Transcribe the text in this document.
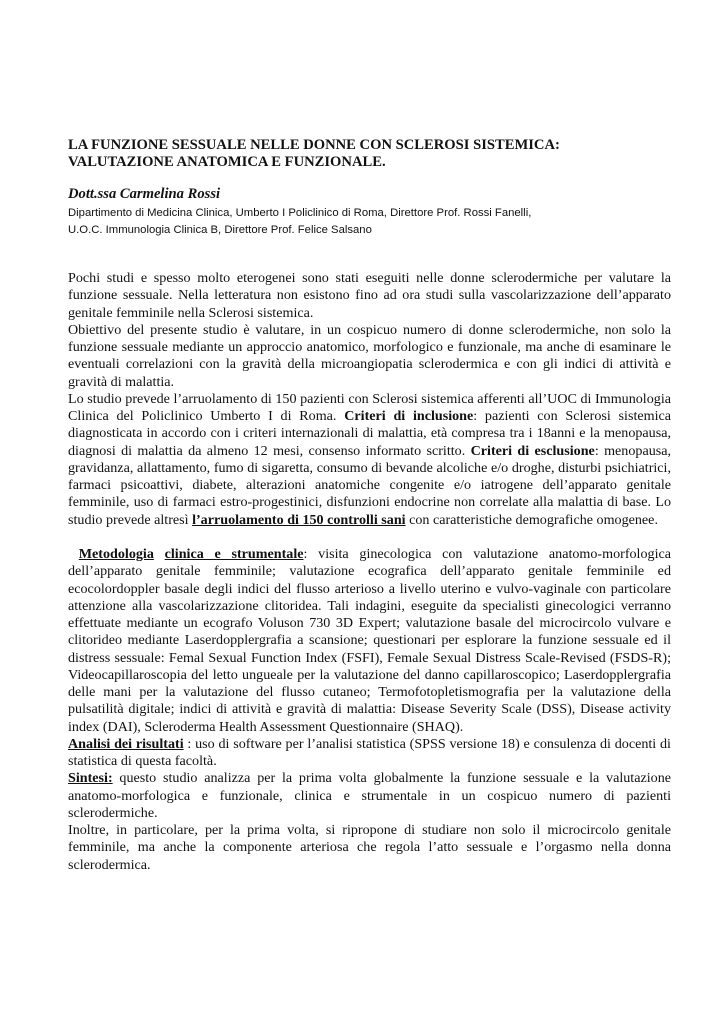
LA FUNZIONE SESSUALE NELLE DONNE CON SCLEROSI SISTEMICA:
VALUTAZIONE ANATOMICA E FUNZIONALE.
Dott.ssa Carmelina Rossi
Dipartimento di Medicina Clinica, Umberto I Policlinico di Roma, Direttore Prof. Rossi Fanelli,
U.O.C. Immunologia Clinica B, Direttore Prof. Felice Salsano

Pochi studi e spesso molto eterogenei sono stati eseguiti nelle donne sclerodermiche per valutare la funzione sessuale. Nella letteratura non esistono fino ad ora studi sulla vascolarizzazione dell’apparato genitale femminile nella Sclerosi sistemica.

Obiettivo del presente studio è valutare, in un cospicuo numero di donne sclerodermiche, non solo la funzione sessuale mediante un approccio anatomico, morfologico e funzionale, ma anche di esaminare le eventuali correlazioni con la gravità della microangiopatia sclerodermica e con gli indici di attività e gravità di malattia.

Lo studio prevede l’arruolamento di 150 pazienti con Sclerosi sistemica afferenti all’UOC di Immunologia Clinica del Policlinico Umberto I di Roma. Criteri di inclusione: pazienti con Sclerosi sistemica diagnosticata in accordo con i criteri internazionali di malattia, età compresa tra i 18anni e la menopausa, diagnosi di malattia da almeno 12 mesi, consenso informato scritto. Criteri di esclusione: menopausa, gravidanza, allattamento, fumo di sigaretta, consumo di bevande alcoliche e/o droghe, disturbi psichiatrici, farmaci psicoattivi, diabete, alterazioni anatomiche congenite e/o iatrogene dell’apparato genitale femminile, uso di farmaci estro-progestinici, disfunzioni endocrine non correlate alla malattia di base. Lo studio prevede altresì l’arruolamento di 150 controlli sani con caratteristiche demografiche omogenee.

Metodologia clinica e strumentale: visita ginecologica con valutazione anatomo-morfologica dell’apparato genitale femminile; valutazione ecografica dell’apparato genitale femminile ed ecocolordoppler basale degli indici del flusso arterioso a livello uterino e vulvo-vaginale con particolare attenzione alla vascolarizzazione clitoridea. Tali indagini, eseguite da specialisti ginecologici verranno effettuate mediante un ecografo Voluson 730 3D Expert; valutazione basale del microcircolo vulvare e clitorideo mediante Laserdopplergrafia a scansione; questionari per esplorare la funzione sessuale ed il distress sessuale: Femal Sexual Function Index (FSFI), Female Sexual Distress Scale-Revised (FSDS-R); Videocapillaroscopia del letto ungueale per la valutazione del danno capillaroscopico; Laserdopplergrafia delle mani per la valutazione del flusso cutaneo; Termofotopletismografia per la valutazione della pulsatilità digitale; indici di attività e gravità di malattia: Disease Severity Scale (DSS), Disease activity index (DAI), Scleroderma Health Assessment Questionnaire (SHAQ).

Analisi dei risultati : uso di software per l’analisi statistica (SPSS versione 18) e consulenza di docenti di statistica di questa facoltà.

Sintesi: questo studio analizza per la prima volta globalmente la funzione sessuale e la valutazione anatomo-morfologica e funzionale, clinica e strumentale in un cospicuo numero di pazienti sclerodermiche.

Inoltre, in particolare, per la prima volta, si ripropone di studiare non solo il microcircolo genitale femminile, ma anche la componente arteriosa che regola l’atto sessuale e l’orgasmo nella donna sclerodermica.
